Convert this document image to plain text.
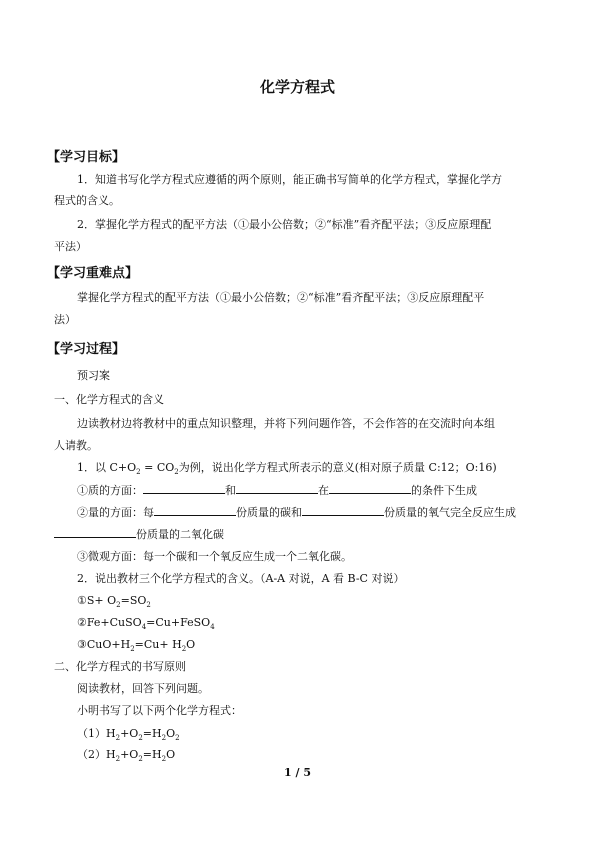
化学方程式
【学习目标】
1．知道书写化学方程式应遵循的两个原则，能正确书写简单的化学方程式，掌握化学方
程式的含义。
2．掌握化学方程式的配平方法（①最小公倍数；②“标准”看齐配平法；③反应原理配
平法）
【学习重难点】
掌握化学方程式的配平方法（①最小公倍数；②“标准”看齐配平法；③反应原理配平
法）
【学习过程】
预习案
一、化学方程式的含义
边读教材边将教材中的重点知识整理，并将下列问题作答，不会作答的在交流时向本组
人请教。
1．以 $C+O_2 = CO_2$为例，说出化学方程式所表示的意义(相对原子质量 C:12；O:16)
①质的方面：	和	在	的条件下生成
②量的方面：每	份质量的碳和	份质量的氧气完全反应生成
份质量的二氧化碳
③微观方面：每一个碳和一个氧反应生成一个二氧化碳。
2．说出教材三个化学方程式的含义。（A-A 对说，A 看 B-C 对说）
①S+ $O_2=SO_2$
②Fe+CuSO$_4$=Cu+FeSO$_4$
$③CuO+H_2=Cu+ H_2O$
二、化学方程式的书写原则
阅读教材，回答下列问题。
小明书写了以下两个化学方程式：
$(1)H_2+O_2=H_2O_2$
$(2)H_2+O_2=H_2O$
1 / 5
